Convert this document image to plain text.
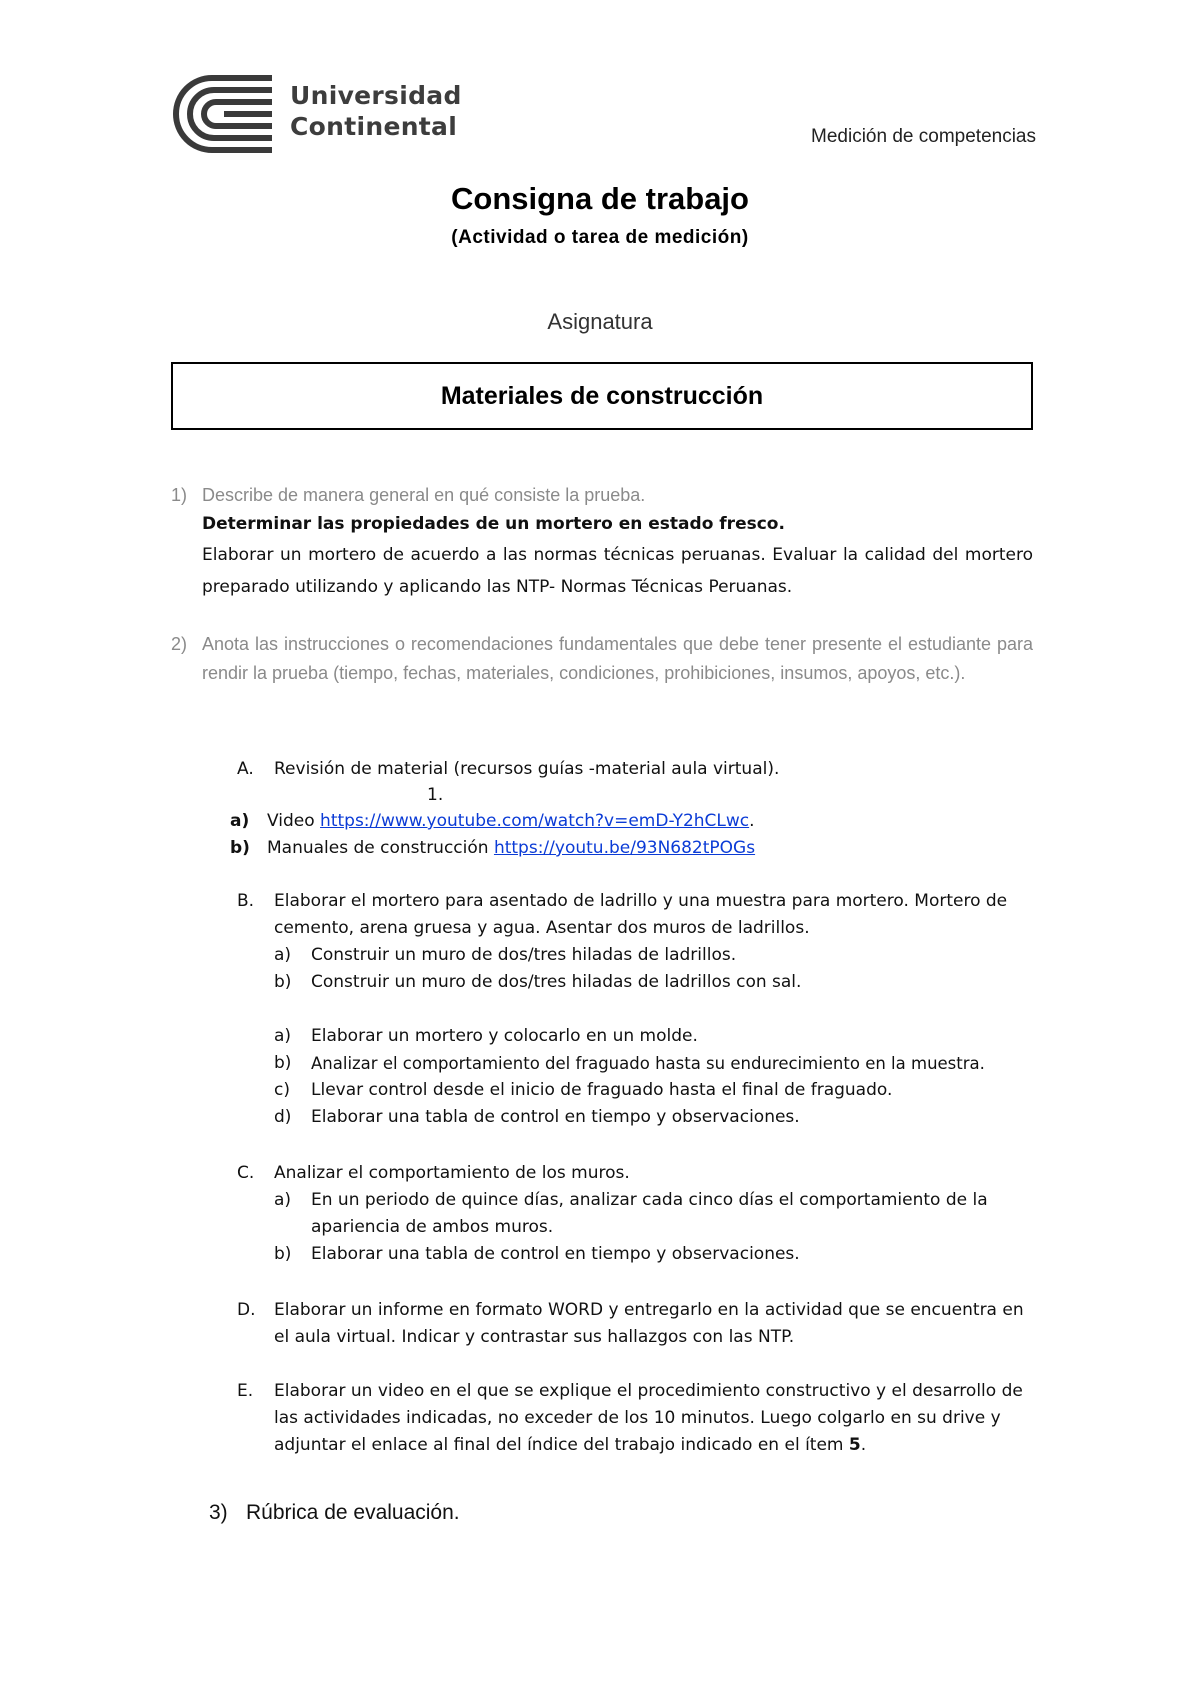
Universidad
Continental	Medición de competencias
Consigna de trabajo
(Actividad o tarea de medición)
Asignatura
Materiales de construcción
1) Describe de manera general en qué consiste la prueba.
Determinar las propiedades de un mortero en estado fresco.
Elaborar un mortero de acuerdo a las normas técnicas peruanas. Evaluar la calidad del mortero preparado utilizando y aplicando las NTP- Normas Técnicas Peruanas.
2) Anota las instrucciones o recomendaciones fundamentales que debe tener presente el estudiante para rendir la prueba (tiempo, fechas, materiales, condiciones, prohibiciones, insumos, apoyos, etc.).
A. Revisión de material (recursos guías -material aula virtual).
1.
a) Video https://www.youtube.com/watch?v=emD-Y2hCLwc.
b) Manuales de construcción https://youtu.be/93N682tPOGs
B. Elaborar el mortero para asentado de ladrillo y una muestra para mortero. Mortero de cemento, arena gruesa y agua. Asentar dos muros de ladrillos.
a) Construir un muro de dos/tres hiladas de ladrillos.
b) Construir un muro de dos/tres hiladas de ladrillos con sal.
a) Elaborar un mortero y colocarlo en un molde.
b) Analizar el comportamiento del fraguado hasta su endurecimiento en la muestra.
c) Llevar control desde el inicio de fraguado hasta el final de fraguado.
d) Elaborar una tabla de control en tiempo y observaciones.
C. Analizar el comportamiento de los muros.
a) En un periodo de quince días, analizar cada cinco días el comportamiento de la apariencia de ambos muros.
b) Elaborar una tabla de control en tiempo y observaciones.
D. Elaborar un informe en formato WORD y entregarlo en la actividad que se encuentra en el aula virtual. Indicar y contrastar sus hallazgos con las NTP.
E. Elaborar un video en el que se explique el procedimiento constructivo y el desarrollo de las actividades indicadas, no exceder de los 10 minutos. Luego colgarlo en su drive y adjuntar el enlace al final del índice del trabajo indicado en el ítem 5.
3) Rúbrica de evaluación.
